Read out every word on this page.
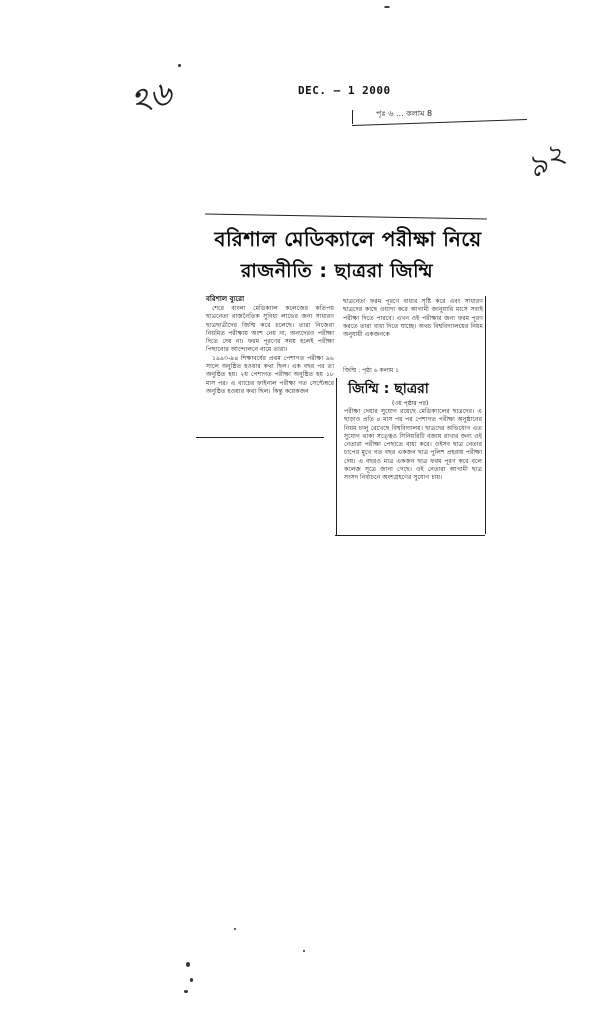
ঽ৬
৯২
DEC. — 1 2000
পৃঃ ৬ ... কলাম 8
বরিশাল মেডিক্যালে পরীক্ষা নিয়ে
রাজনীতি : ছাত্ররা জিম্মি
বরিশাল ব্যুরো
শেরে বাংলা মেডিক্যাল কলেজের কতিপয় ছাত্রনেতা রাজনৈতিক সুবিধা লাভের জন্য সাধারণ ছাত্রছাত্রীদের জিম্মি করে চলেছে। তারা নিজেরা নিয়মিত পরীক্ষায় অংশ নেয় না, অন্যদেরও পরীক্ষা দিতে দেয় না। ফরম পূরণের সময় হলেই পরীক্ষা পিছানোর আন্দোলনে নামে তারা।
১৯৯৩-৯৪ শিক্ষাবর্ষের প্রথম পেশাগত পরীক্ষা ৯৬ সালে অনুষ্ঠিত হওয়ার কথা ছিল। এক বছর পর তা অনুষ্ঠিত হয়। ২য় পেশাগত পরীক্ষা অনুষ্ঠিত হয় ১৮ মাস পর। এ ব্যাচের ফাইনাল পরীক্ষা গত সেপ্টেম্বরে অনুষ্ঠিত হওয়ার কথা ছিল। কিন্তু কয়েকজন
ছাত্রনেতা ফরম পূরণে বাধার সৃষ্টি করে এবং সাধারণ ছাত্রদের কাছে ওয়াদা করে আগামী জানুয়ারি মাসে সবাই পরীক্ষা দিতে পারবে। এখন ওই পরীক্ষার জন্য ফরম পূরণ করতে তারা বাধা দিতে যাচ্ছে। অথচ বিশ্ববিদ্যালয়ের নিয়ম অনুযায়ী একজনকে
জিম্মি : পৃষ্ঠা ৬ কলাম ১
জিম্মি : ছাত্ররা
(৩য় পৃষ্ঠার পর)
পরীক্ষা দেয়ার সুযোগ রয়েছে মেডিক্যালের ছাত্রদের। এ ছাড়াও প্রতি ৪ মাস পর পর পেশাগত পরীক্ষা অনুষ্ঠানের নিয়ম চালু রেখেছে বিশ্ববিদ্যালয়। ছাত্রদের অভিযোগ এত সুযোগ থাকা সত্ত্বেও সিনিয়রিটি বজায় রাখার জন্য ওই নেতারা পরীক্ষা পেছাতে বাধ্য করে। ওইসব ছাত্র নেতার চাপের মুখে গত বছর একজন ছাত্র পুলিশ প্রহরায় পরীক্ষা দেয়। এ বছরও মাত্র একজন ছাত্র ফরম পূরণ করে বলে কলেজ সূত্রে জানা গেছে। ওই নেতারা আগামী ছাত্র সংসদ নির্বাচনে অংশগ্রহণের সুযোগ চায়।
